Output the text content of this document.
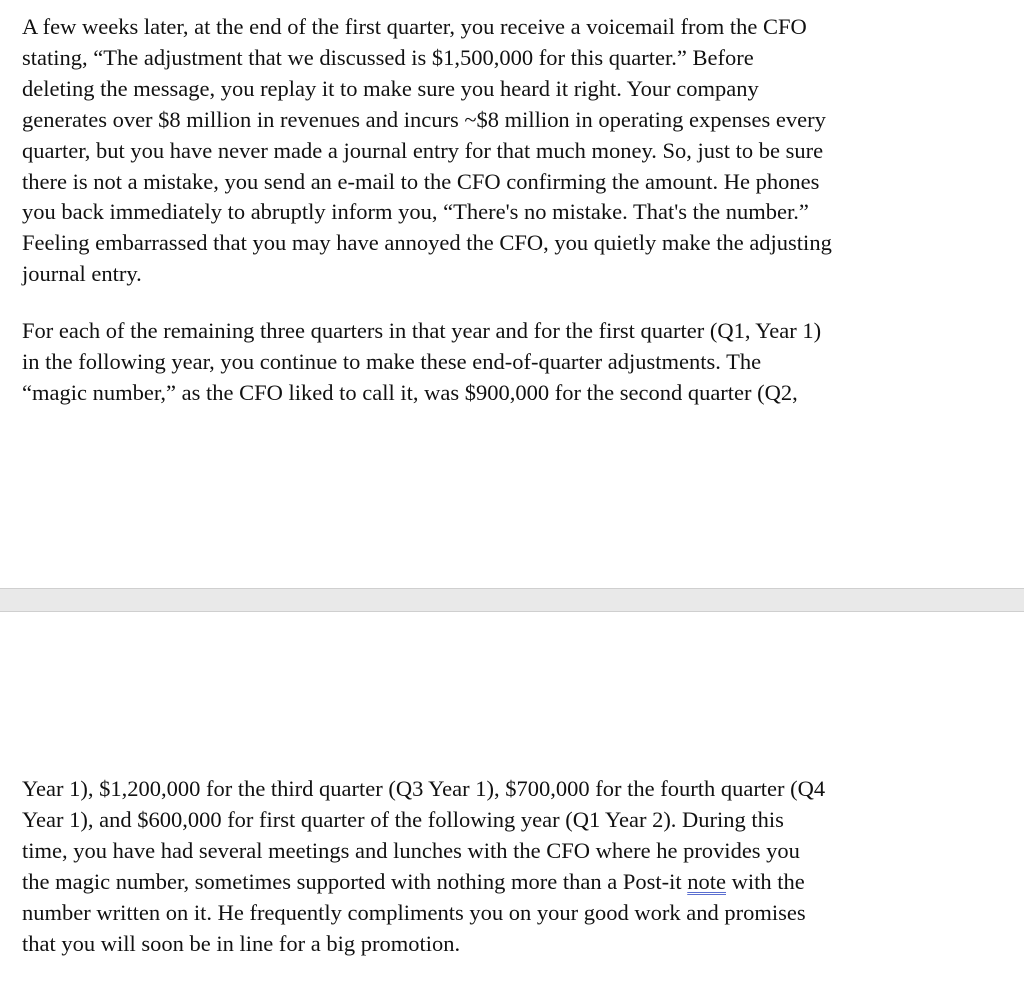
A few weeks later, at the end of the first quarter, you receive a voicemail from the CFO
stating, “The adjustment that we discussed is $1,500,000 for this quarter.” Before
deleting the message, you replay it to make sure you heard it right. Your company
generates over $8 million in revenues and incurs ~$8 million in operating expenses every
quarter, but you have never made a journal entry for that much money. So, just to be sure
there is not a mistake, you send an e-mail to the CFO confirming the amount. He phones
you back immediately to abruptly inform you, “There's no mistake. That's the number.”
Feeling embarrassed that you may have annoyed the CFO, you quietly make the adjusting
journal entry.

For each of the remaining three quarters in that year and for the first quarter (Q1, Year 1)
in the following year, you continue to make these end-of-quarter adjustments. The
“magic number,” as the CFO liked to call it, was $900,000 for the second quarter (Q2,

Year 1), $1,200,000 for the third quarter (Q3 Year 1), $700,000 for the fourth quarter (Q4
Year 1), and $600,000 for first quarter of the following year (Q1 Year 2). During this
time, you have had several meetings and lunches with the CFO where he provides you
the magic number, sometimes supported with nothing more than a Post-it note with the
number written on it. He frequently compliments you on your good work and promises
that you will soon be in line for a big promotion.
